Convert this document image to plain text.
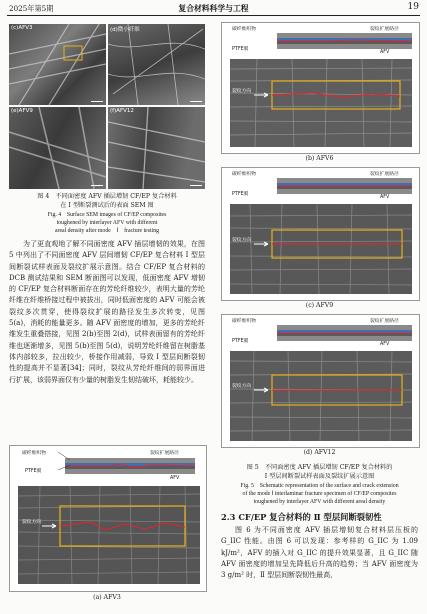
2025年第5期	复合材料科学与工程	19
(c)AFV3	(d)微小纤维
(e)AFV9	(f)AFV12
图 4　不同面密度 AFV 插层增韧 CF/EP 复合材料
在 Ⅰ 型断裂测试后的表面 SEM 图
Fig. 4　Surface SEM images of CF/EP composites
toughened by interlayer AFV with different
areal density after mode　Ⅰ　fracture testing

为了更直观地了解不同面密度 AFV 插层增韧的效果，在图 5 中列出了不同面密度 AFV 层间增韧 CF/EP 复合材料 Ⅰ 型层间断裂试样表面及裂纹扩展示意图。结合 CF/EP 复合材料的 DCB 测试结果和 SEM 断面图可以发现，低面密度 AFV 增韧的 CF/EP 复合材料断面存在的芳纶纤维较少，表明大量的芳纶纤维在纤维桥接过程中被拔出，同时低面密度的 AFV 可能会被裂纹多次贯穿，使得裂纹扩展的路径发生多次转变，见图 5(a)，消耗的能量更多。随 AFV 面密度的增加，更多的芳纶纤维发生重叠搭接，见图 2(b)至图 2(d)，试样表面留有的芳纶纤维也逐渐增多，见图 5(b)至图 5(d)，说明芳纶纤维留在树脂基体内部较多，拉出较少，桥接作用减弱，导致 Ⅰ 型层间断裂韧性的提高并不显著[34]；同时，裂纹从芳纶纤维间的弱界面进行扩展，该弱界面仅有少量的树脂发生韧结破坏，耗能较少。

碳纤维织物
PTFE膜
裂纹扩展路径
AFV
裂纹方向
(a) AFV3
碳纤维织物
PTFE膜
裂纹扩展路径
AFV
裂纹方向
(b) AFV6
碳纤维织物
PTFE膜
裂纹扩展路径
AFV
裂纹方向
(c) AFV9
碳纤维织物
PTFE膜
裂纹扩展路径
AFV
裂纹方向
(d) AFV12
图 5　不同面密度 AFV 插层增韧 CF/EP 复合材料的
Ⅰ 型层间断裂试样表面及裂纹扩展示意图
Fig. 5　Schematic representation of the surface and crack extension
of the mode Ⅰ interlaminar fracture specimen of CF/EP composites
toughened by interlayer AFV with different areal density
2.3 CF/EP 复合材料的 Ⅱ 型层间断裂韧性

图 6 为不同面密度 AFV 插层增韧复合材料层压板的 G_IIC 性能。由图 6 可以发现：参考样的 G_IIC 为 1.09 kJ/m²，AFV 的插入对 G_IIC 的提升效果显著，且 G_IIC 随 AFV 面密度的增加呈先降低后升高的趋势；当 AFV 面密度为 3 g/m² 时，Ⅱ 型层间断裂韧性最高，
